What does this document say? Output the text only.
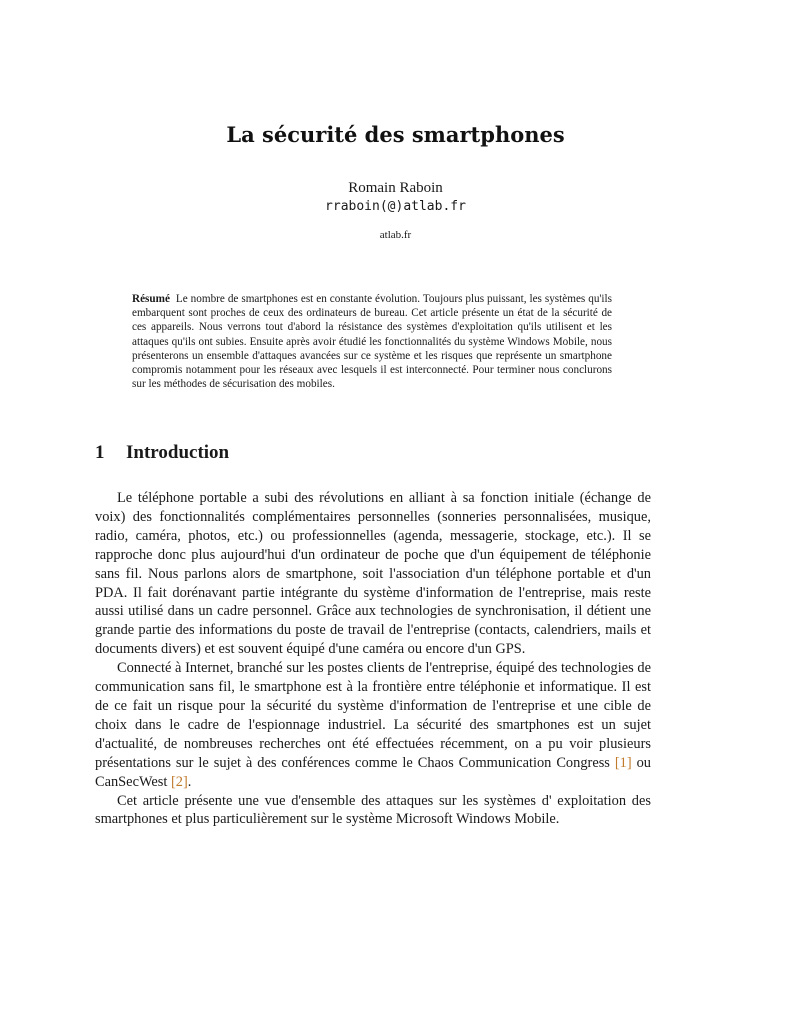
La sécurité des smartphones
Romain Raboin
rraboin(@)atlab.fr
atlab.fr
Résumé Le nombre de smartphones est en constante évolution. Toujours plus puissant, les systèmes qu'ils embarquent sont proches de ceux des ordinateurs de bureau. Cet article présente un état de la sécurité de ces appareils. Nous verrons tout d'abord la résistance des systèmes d'exploitation qu'ils utilisent et les attaques qu'ils ont subies. Ensuite après avoir étudié les fonctionnalités du système Windows Mobile, nous présenterons un ensemble d'attaques avancées sur ce système et les risques que représente un smartphone compromis notamment pour les réseaux avec lesquels il est interconnecté. Pour terminer nous conclurons sur les méthodes de sécurisation des mobiles.
1 Introduction

Le téléphone portable a subi des révolutions en alliant à sa fonction initiale (échange de voix) des fonctionnalités complémentaires personnelles (sonneries personnalisées, musique, radio, caméra, photos, etc.) ou professionnelles (agenda, messagerie, stockage, etc.). Il se rapproche donc plus aujourd'hui d'un ordinateur de poche que d'un équipement de téléphonie sans fil. Nous parlons alors de smartphone, soit l'association d'un téléphone portable et d'un PDA. Il fait dorénavant partie intégrante du système d'information de l'entreprise, mais reste aussi utilisé dans un cadre personnel. Grâce aux technologies de synchronisation, il détient une grande partie des informations du poste de travail de l'entreprise (contacts, calendriers, mails et documents divers) et est souvent équipé d'une caméra ou encore d'un GPS.

Connecté à Internet, branché sur les postes clients de l'entreprise, équipé des technologies de communication sans fil, le smartphone est à la frontière entre téléphonie et informatique. Il est de ce fait un risque pour la sécurité du système d'information de l'entreprise et une cible de choix dans le cadre de l'espionnage industriel. La sécurité des smartphones est un sujet d'actualité, de nombreuses recherches ont été effectuées récemment, on a pu voir plusieurs présentations sur le sujet à des conférences comme le Chaos Communication Congress [1] ou CanSecWest [2].

Cet article présente une vue d'ensemble des attaques sur les systèmes d' exploitation des smartphones et plus particulièrement sur le système Microsoft Windows Mobile.
